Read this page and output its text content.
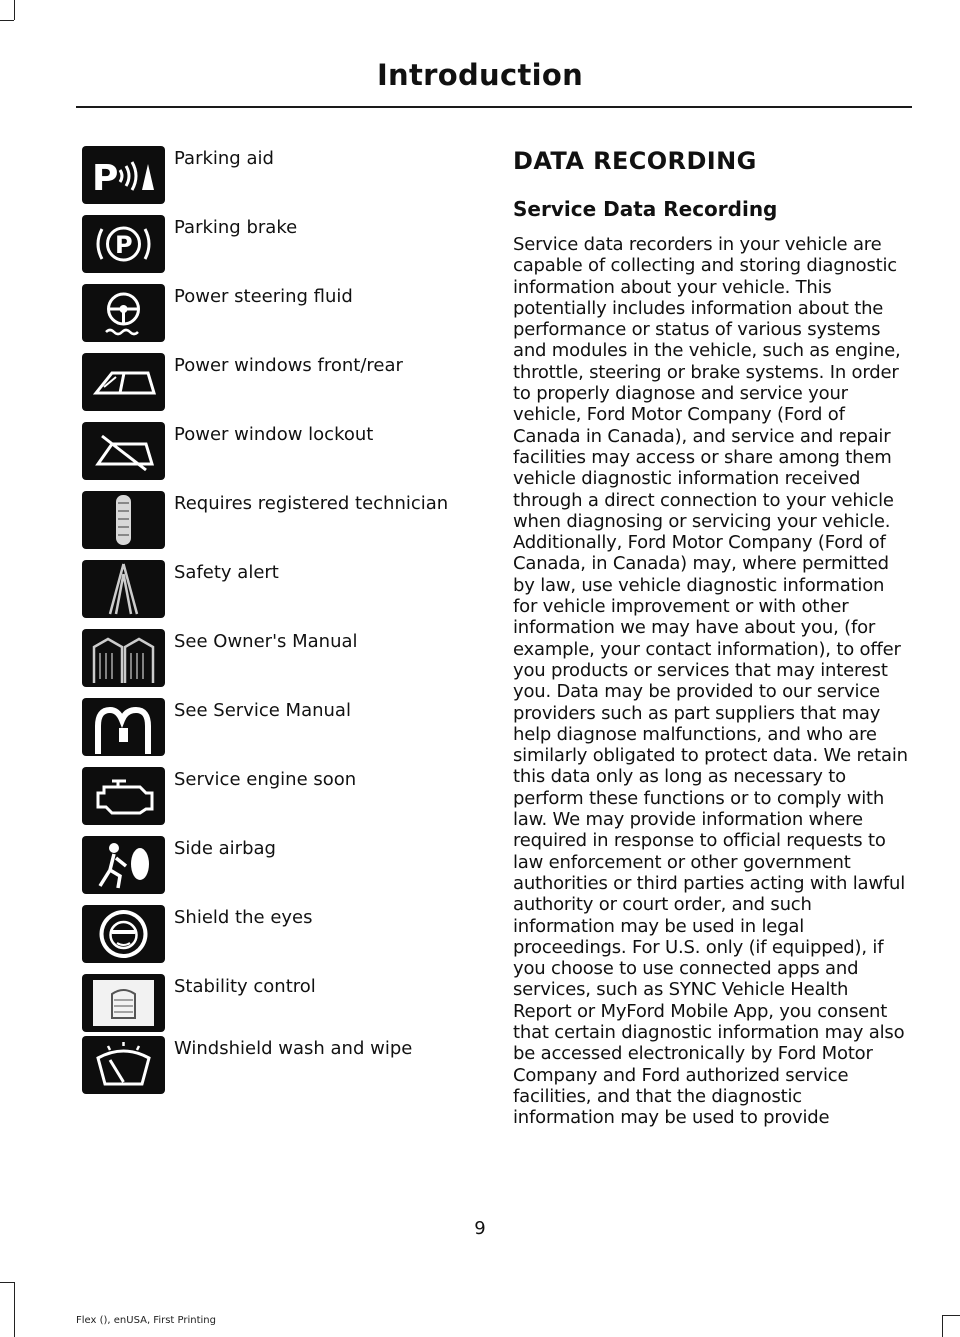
Introduction
P	Parking aid
P
Parking brake
Power steering fluid
Power windows front/rear
Power window lockout
Requires registered technician
Safety alert
See Owner's Manual
See Service Manual
Service engine soon
Side airbag
Shield the eyes
Stability control
Windshield wash and wipe
DATA RECORDING
Service Data Recording

Service data recorders in your vehicle are capable of collecting and storing diagnostic information about your vehicle. This potentially includes information about the performance or status of various systems and modules in the vehicle, such as engine, throttle, steering or brake systems. In order to properly diagnose and service your vehicle, Ford Motor Company (Ford of Canada in Canada), and service and repair facilities may access or share among them vehicle diagnostic information received through a direct connection to your vehicle when diagnosing or servicing your vehicle. Additionally, Ford Motor Company (Ford of Canada, in Canada) may, where permitted by law, use vehicle diagnostic information for vehicle improvement or with other information we may have about you, (for example, your contact information), to offer you products or services that may interest you. Data may be provided to our service providers such as part suppliers that may help diagnose malfunctions, and who are similarly obligated to protect data. We retain this data only as long as necessary to perform these functions or to comply with law. We may provide information where required in response to official requests to law enforcement or other government authorities or third parties acting with lawful authority or court order, and such information may be used in legal proceedings. For U.S. only (if equipped), if you choose to use connected apps and services, such as SYNC Vehicle Health Report or MyFord Mobile App, you consent that certain diagnostic information may also be accessed electronically by Ford Motor Company and Ford authorized service facilities, and that the diagnostic information may be used to provide

9
Flex (), enUSA, First Printing
